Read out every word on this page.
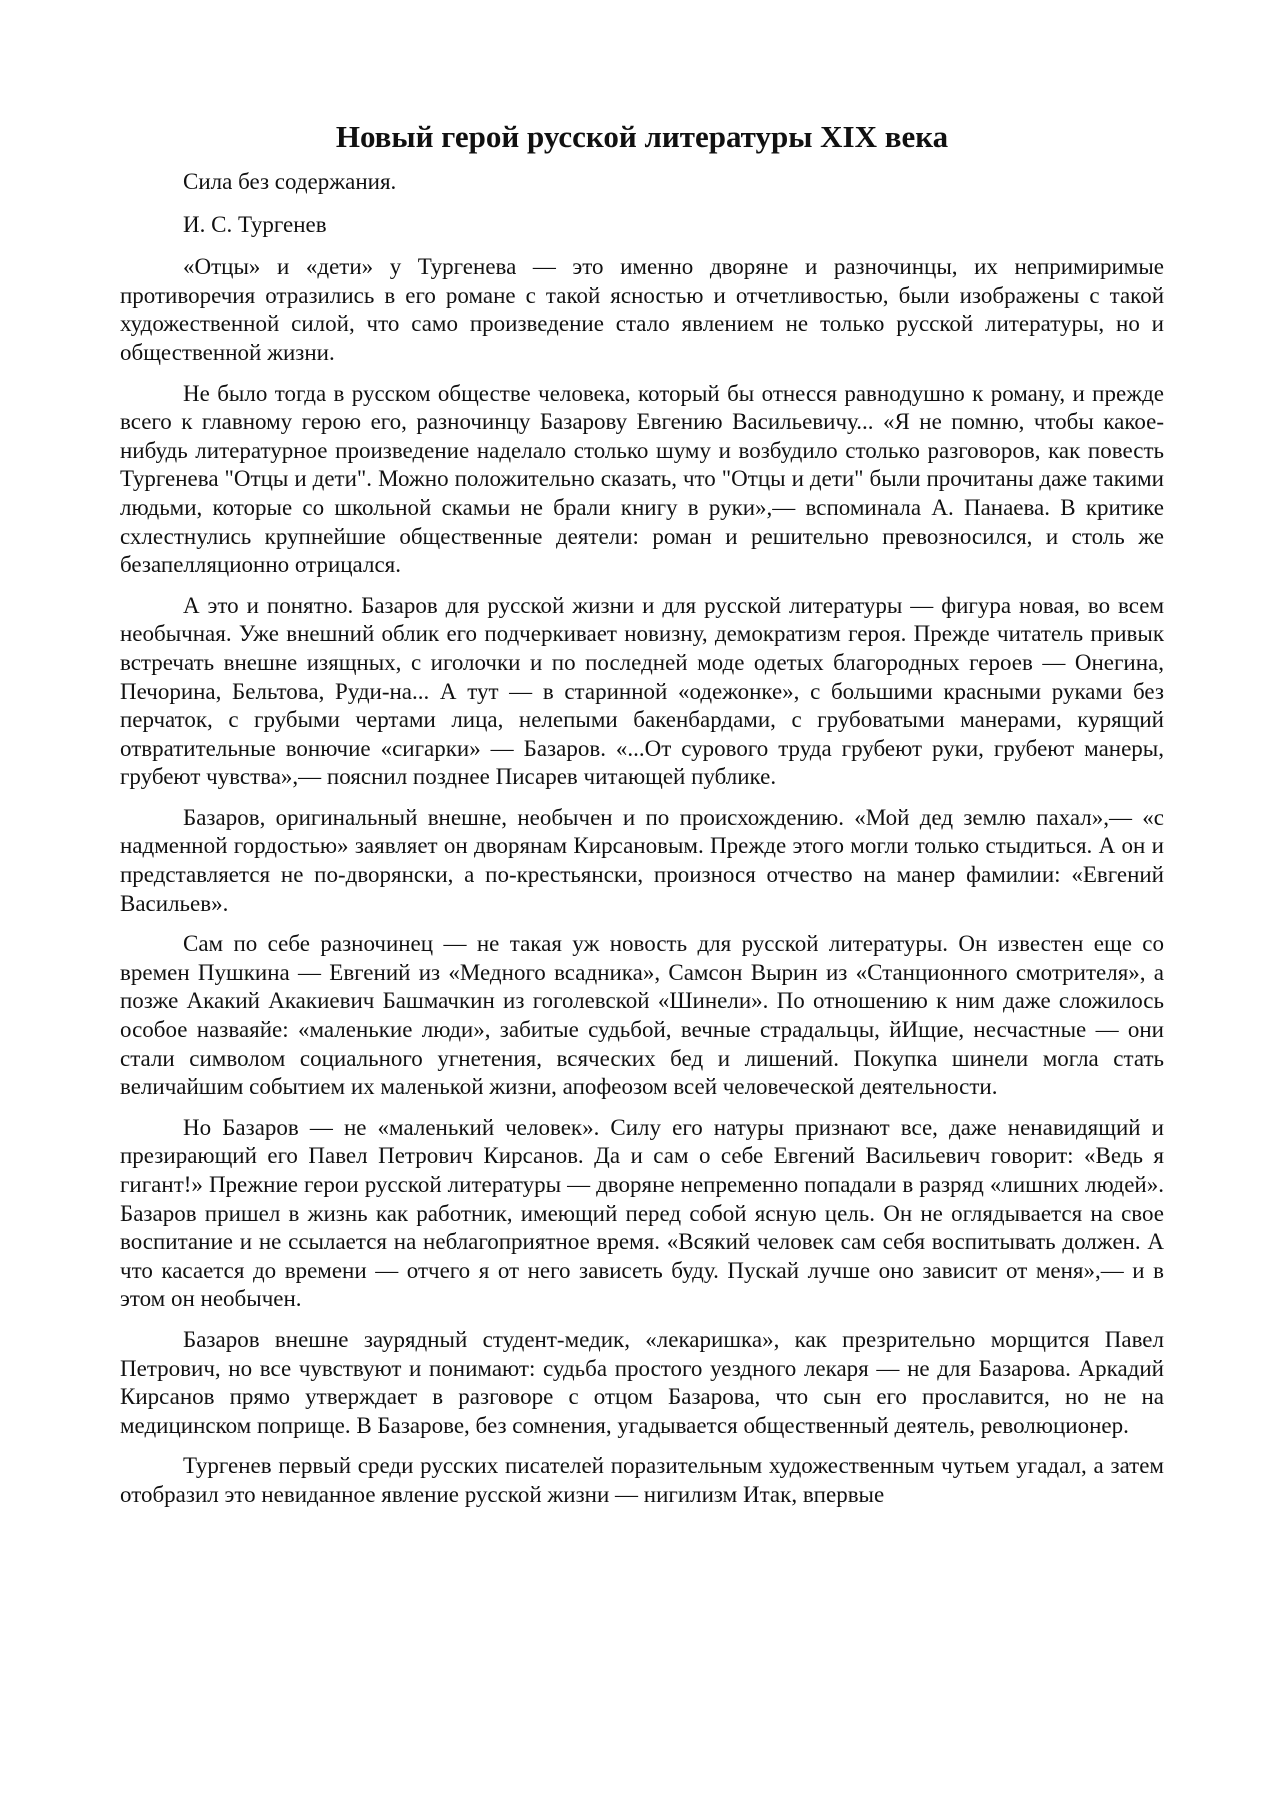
Новый герой русской литературы XIX века

Сила без содержания.

И. С. Тургенев

«Отцы» и «дети» у Тургенева — это именно дворяне и разночинцы, их непримиримые противоречия отразились в его романе с такой ясностью и отчетливостью, были изображены с такой художественной силой, что само произведение стало явлением не только русской литературы, но и общественной жизни.

Не было тогда в русском обществе человека, который бы отнесся равнодушно к роману, и прежде всего к главному герою его, разночинцу Базарову Евгению Васильевичу... «Я не помню, чтобы какое-нибудь литературное произведение наделало столько шуму и возбудило столько разговоров, как повесть Тургенева "Отцы и дети". Можно положительно сказать, что "Отцы и дети" были прочитаны даже такими людьми, которые со школьной скамьи не брали книгу в руки»,— вспоминала А. Панаева. В критике схлестнулись крупнейшие общественные деятели: роман и решительно превозносился, и столь же безапелляционно отрицался.

А это и понятно. Базаров для русской жизни и для русской литературы — фигура новая, во всем необычная. Уже внешний облик его подчеркивает новизну, демократизм героя. Прежде читатель привык встречать внешне изящных, с иголочки и по последней моде одетых благородных героев — Онегина, Печорина, Бельтова, Руди-на... А тут — в старинной «одежонке», с большими красными руками без перчаток, с грубыми чертами лица, нелепыми бакенбардами, с грубоватыми манерами, курящий отвратительные вонючие «сигарки» — Базаров. «...От сурового труда грубеют руки, грубеют манеры, грубеют чувства»,— пояснил позднее Писарев читающей публике.

Базаров, оригинальный внешне, необычен и по происхождению. «Мой дед землю пахал»,— «с надменной гордостью» заявляет он дворянам Кирсановым. Прежде этого могли только стыдиться. А он и представляется не по-дворянски, а по-крестьянски, произнося отчество на манер фамилии: «Евгений Васильев».

Сам по себе разночинец — не такая уж новость для русской литературы. Он известен еще со времен Пушкина — Евгений из «Медного всадника», Самсон Вырин из «Станционного смотрителя», а позже Акакий Акакиевич Башмачкин из гоголевской «Шинели». По отношению к ним даже сложилось особое назваяйе: «маленькие люди», забитые судьбой, вечные страдальцы, йИщие, несчастные — они стали символом социального угнетения, всяческих бед и лишений. Покупка шинели могла стать величайшим событием их маленькой жизни, апофеозом всей человеческой деятельности.

Но Базаров — не «маленький человек». Силу его натуры признают все, даже ненавидящий и презирающий его Павел Петрович Кирсанов. Да и сам о себе Евгений Васильевич говорит: «Ведь я гигант!» Прежние герои русской литературы — дворяне непременно попадали в разряд «лишних людей». Базаров пришел в жизнь как работник, имеющий перед собой ясную цель. Он не оглядывается на свое воспитание и не ссылается на неблагоприятное время. «Всякий человек сам себя воспитывать должен. А что касается до времени — отчего я от него зависеть буду. Пускай лучше оно зависит от меня»,— и в этом он необычен.

Базаров внешне заурядный студент-медик, «лекаришка», как презрительно морщится Павел Петрович, но все чувствуют и понимают: судьба простого уездного лекаря — не для Базарова. Аркадий Кирсанов прямо утверждает в разговоре с отцом Базарова, что сын его прославится, но не на медицинском поприще. В Базарове, без сомнения, угадывается общественный деятель, революционер.

Тургенев первый среди русских писателей поразительным художественным чутьем угадал, а затем отобразил это невиданное явление русской жизни — нигилизм Итак, впервые
